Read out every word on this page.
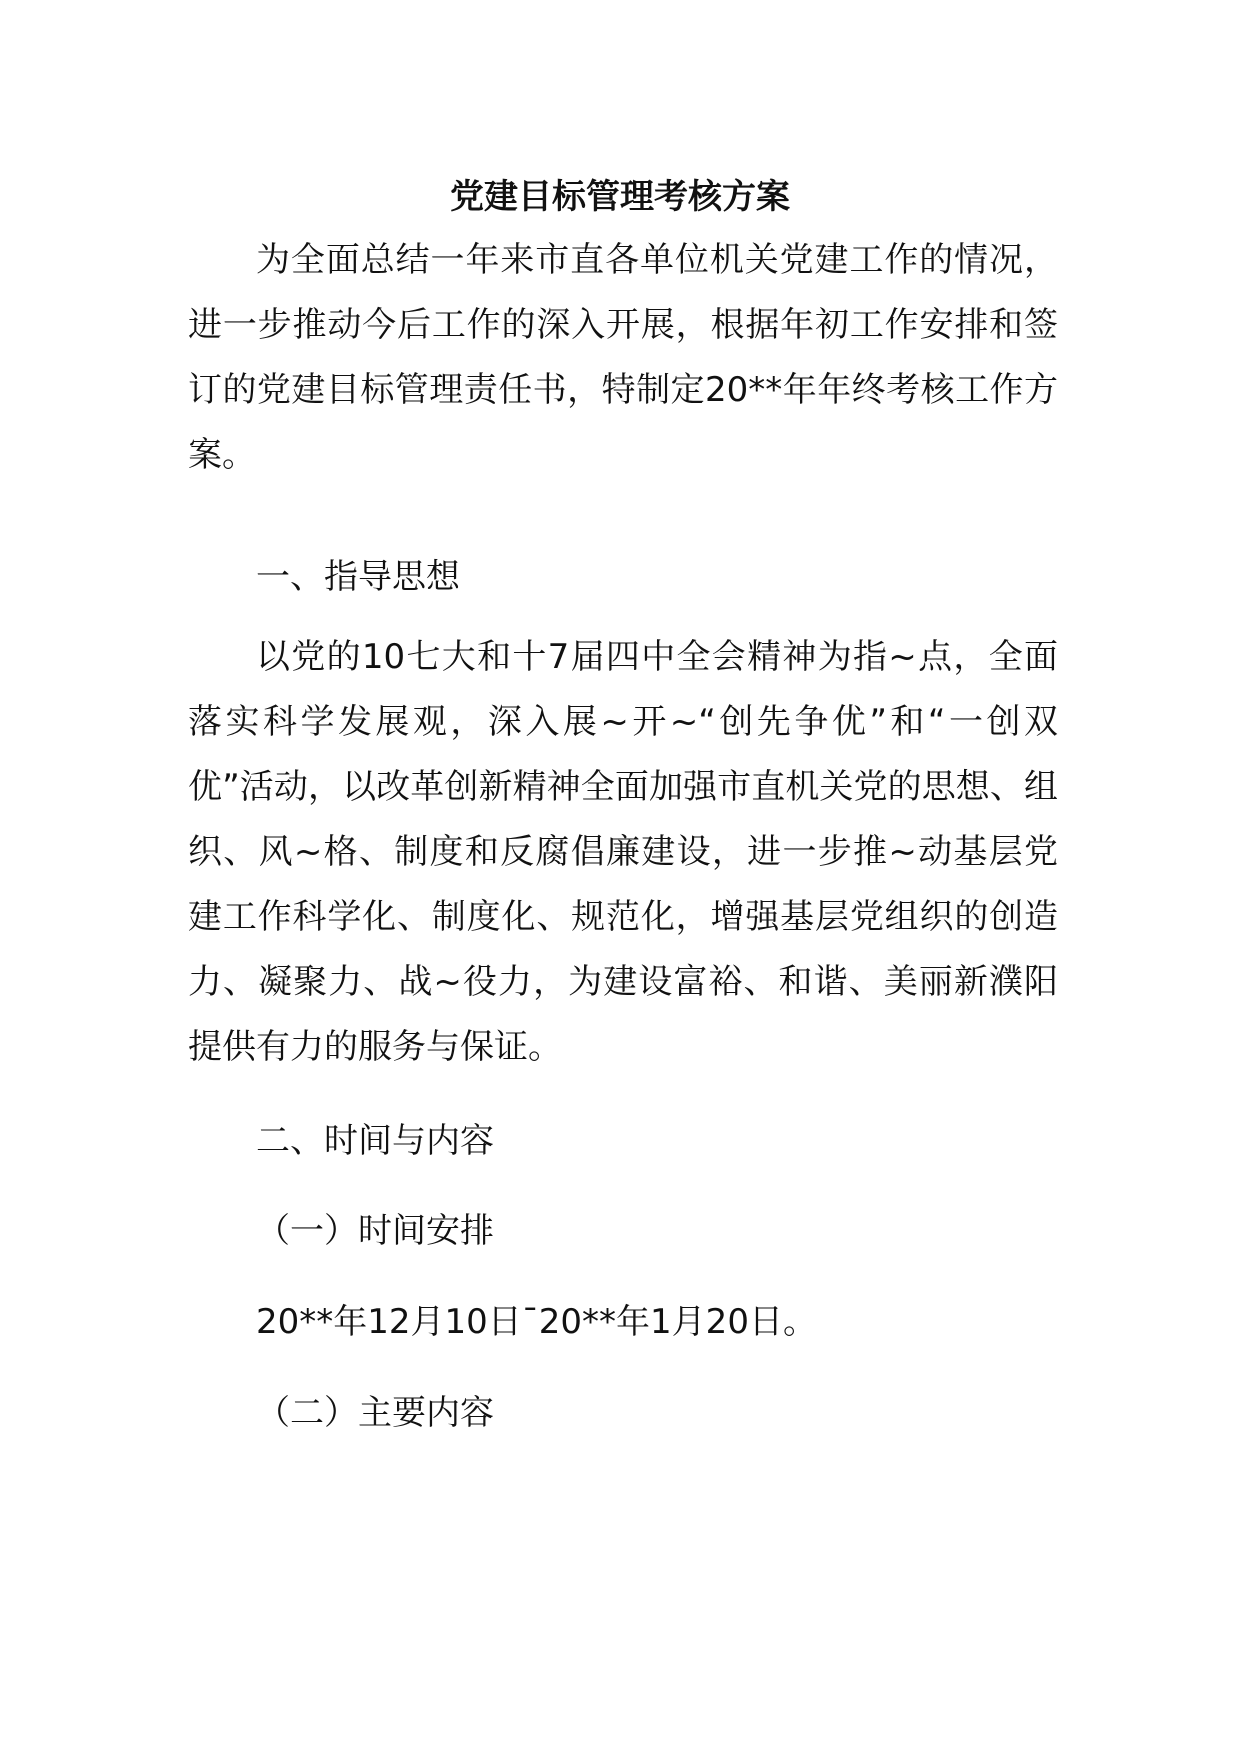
党建目标管理考核方案

为全面总结一年来市直各单位机关党建工作的情况，进一步推动今后工作的深入开展，根据年初工作安排和签订的党建目标管理责任书，特制定20**年年终考核工作方案。

一、指导思想

以党的10七大和十7届四中全会精神为指~点，全面落实科学发展观，深入展~开~“创先争优”和“一创双优”活动，以改革创新精神全面加强市直机关党的思想、组织、风~格、制度和反腐倡廉建设，进一步推~动基层党建工作科学化、制度化、规范化，增强基层党组织的创造力、凝聚力、战~役力，为建设富裕、和谐、美丽新濮阳提供有力的服务与保证。

二、时间与内容

（一）时间安排

20**年12月10日¯20**年1月20日。

（二）主要内容
